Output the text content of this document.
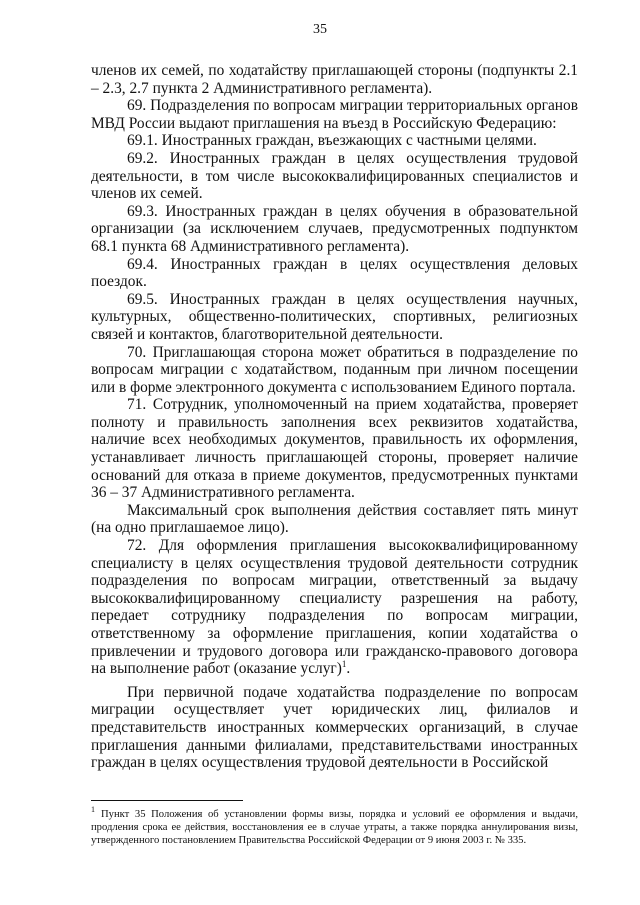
35

членов их семей, по ходатайству приглашающей стороны (подпункты 2.1 – 2.3, 2.7 пункта 2 Административного регламента).

69. Подразделения по вопросам миграции территориальных органов МВД России выдают приглашения на въезд в Российскую Федерацию:

69.1. Иностранных граждан, въезжающих с частными целями.

69.2. Иностранных граждан в целях осуществления трудовой деятельности, в том числе высококвалифицированных специалистов и членов их семей.

69.3. Иностранных граждан в целях обучения в образовательной организации (за исключением случаев, предусмотренных подпунктом 68.1 пункта 68 Административного регламента).

69.4. Иностранных граждан в целях осуществления деловых поездок.

69.5. Иностранных граждан в целях осуществления научных, культурных, общественно-политических, спортивных, религиозных связей и контактов, благотворительной деятельности.

70. Приглашающая сторона может обратиться в подразделение по вопросам миграции с ходатайством, поданным при личном посещении или в форме электронного документа с использованием Единого портала.

71. Сотрудник, уполномоченный на прием ходатайства, проверяет полноту и правильность заполнения всех реквизитов ходатайства, наличие всех необходимых документов, правильность их оформления, устанавливает личность приглашающей стороны, проверяет наличие оснований для отказа в приеме документов, предусмотренных пунктами 36 – 37 Административного регламента.

Максимальный срок выполнения действия составляет пять минут (на одно приглашаемое лицо).

72. Для оформления приглашения высококвалифицированному специалисту в целях осуществления трудовой деятельности сотрудник подразделения по вопросам миграции, ответственный за выдачу высококвалифицированному специалисту разрешения на работу, передает сотруднику подразделения по вопросам миграции, ответственному за оформление приглашения, копии ходатайства о привлечении и трудового договора или гражданско-правового договора на выполнение работ (оказание услуг)$^1$.

При первичной подаче ходатайства подразделение по вопросам миграции осуществляет учет юридических лиц, филиалов и представительств иностранных коммерческих организаций, в случае приглашения данными филиалами, представительствами иностранных граждан в целях осуществления трудовой деятельности в Российской

$^1$ Пункт 35 Положения об установлении формы визы, порядка и условий ее оформления и выдачи, продления срока ее действия, восстановления ее в случае утраты, а также порядка аннулирования визы, утвержденного постановлением Правительства Российской Федерации от 9 июня 2003 г. № 335.
